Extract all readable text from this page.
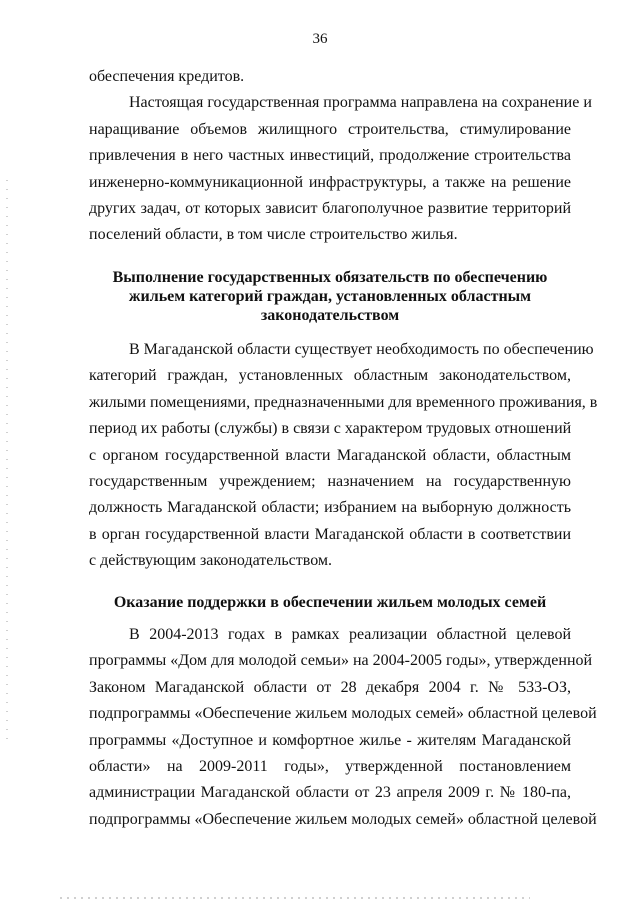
36
обеспечения кредитов.
Настоящая государственная программа направлена на сохранение и
наращивание объемов жилищного строительства, стимулирование
привлечения в него частных инвестиций, продолжение строительства
инженерно-коммуникационной инфраструктуры, а также на решение
других задач, от которых зависит благополучное развитие территорий
поселений области, в том числе строительство жилья.
Выполнение государственных обязательств по обеспечению
жильем категорий граждан, установленных областным
законодательством
В Магаданской области существует необходимость по обеспечению
категорий граждан, установленных областным законодательством,
жилыми помещениями, предназначенными для временного проживания, в
период их работы (службы) в связи с характером трудовых отношений
с органом государственной власти Магаданской области, областным
государственным учреждением; назначением на государственную
должность Магаданской области; избранием на выборную должность
в орган государственной власти Магаданской области в соответствии
с действующим законодательством.
Оказание поддержки в обеспечении жильем молодых семей
В 2004-2013 годах в рамках реализации областной целевой
программы «Дом для молодой семьи» на 2004-2005 годы», утвержденной
Законом Магаданской области от 28 декабря 2004 г. № 533-ОЗ,
подпрограммы «Обеспечение жильем молодых семей» областной целевой
программы «Доступное и комфортное жилье - жителям Магаданской
области» на 2009-2011 годы», утвержденной постановлением
администрации Магаданской области от 23 апреля 2009 г. № 180-па,
подпрограммы «Обеспечение жильем молодых семей» областной целевой
